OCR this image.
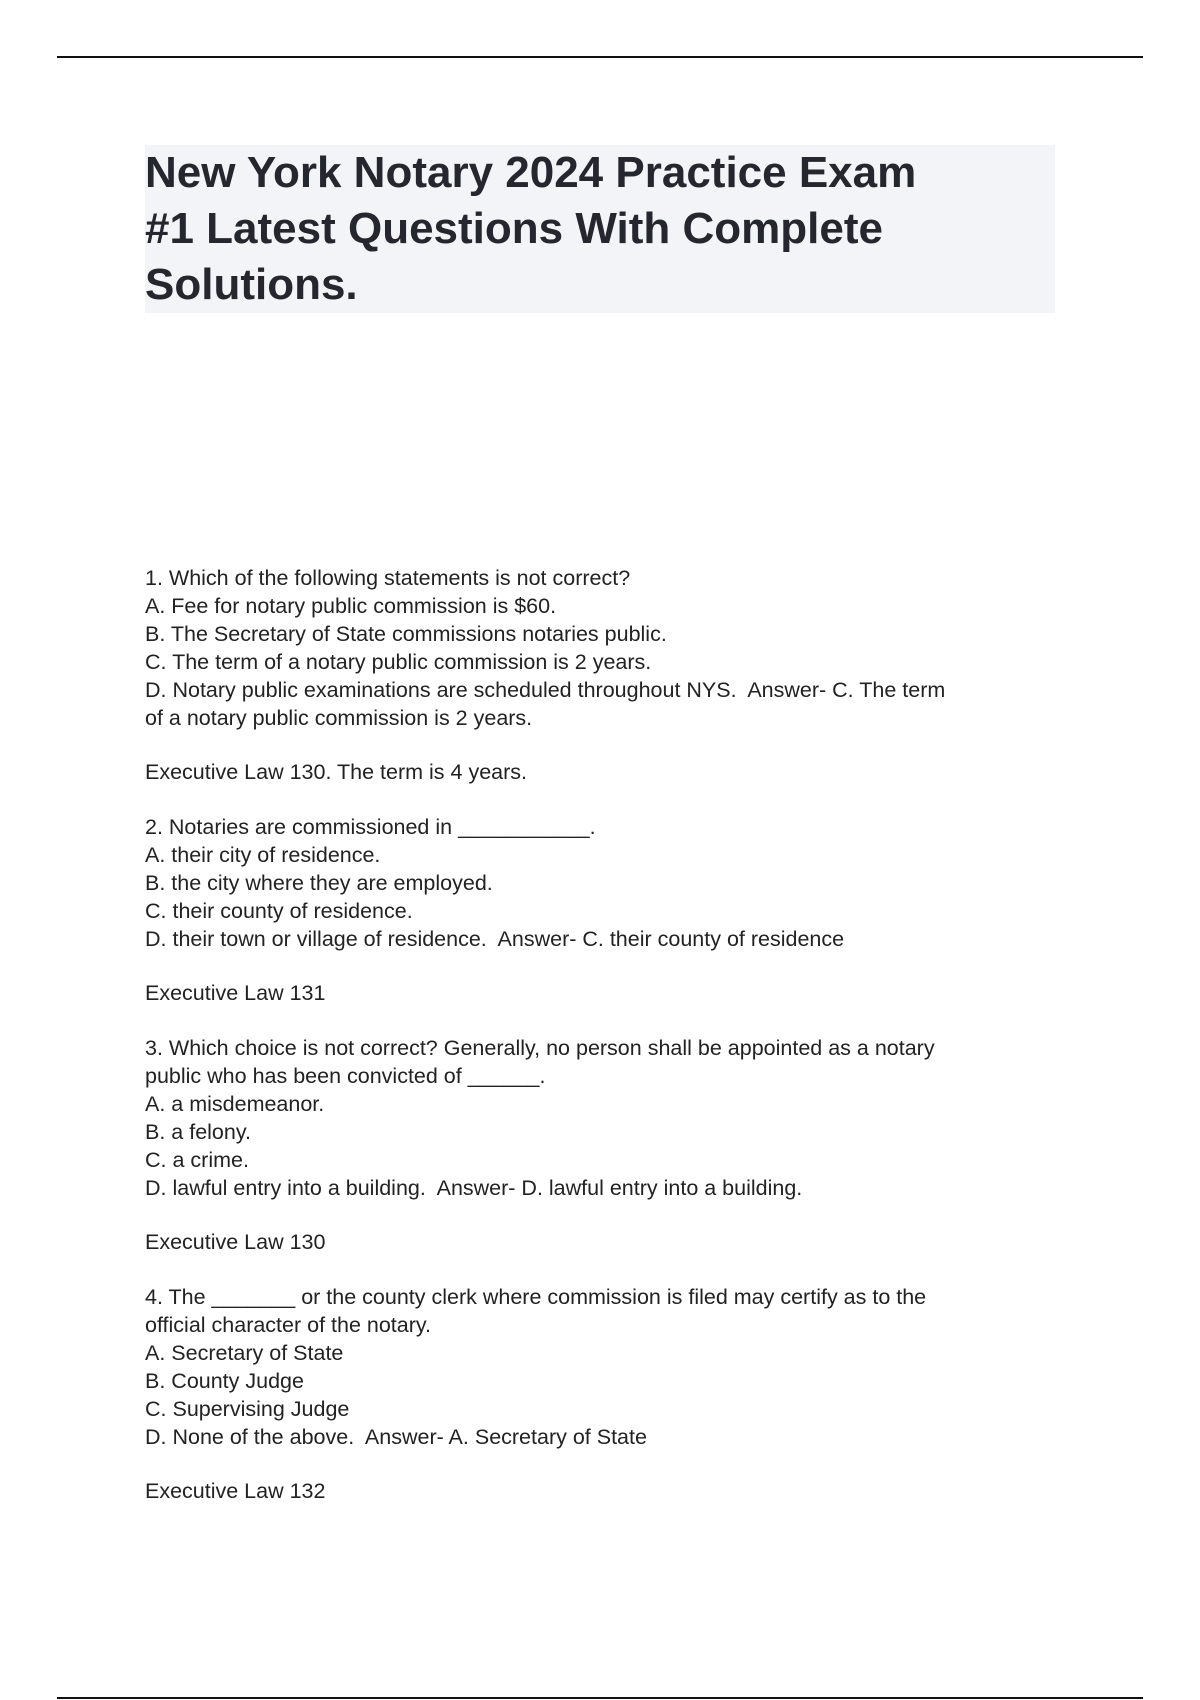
New York Notary 2024 Practice Exam
#1 Latest Questions With Complete
Solutions.
1. Which of the following statements is not correct?
A. Fee for notary public commission is $60.
B. The Secretary of State commissions notaries public.
C. The term of a notary public commission is 2 years.
D. Notary public examinations are scheduled throughout NYS.  Answer- C. The term
of a notary public commission is 2 years.
Executive Law 130. The term is 4 years.
2. Notaries are commissioned in ___________.
A. their city of residence.
B. the city where they are employed.
C. their county of residence.
D. their town or village of residence.  Answer- C. their county of residence
Executive Law 131
3. Which choice is not correct? Generally, no person shall be appointed as a notary
public who has been convicted of ______.
A. a misdemeanor.
B. a felony.
C. a crime.
D. lawful entry into a building.  Answer- D. lawful entry into a building.
Executive Law 130
4. The _______ or the county clerk where commission is filed may certify as to the
official character of the notary.
A. Secretary of State
B. County Judge
C. Supervising Judge
D. None of the above.  Answer- A. Secretary of State
Executive Law 132
